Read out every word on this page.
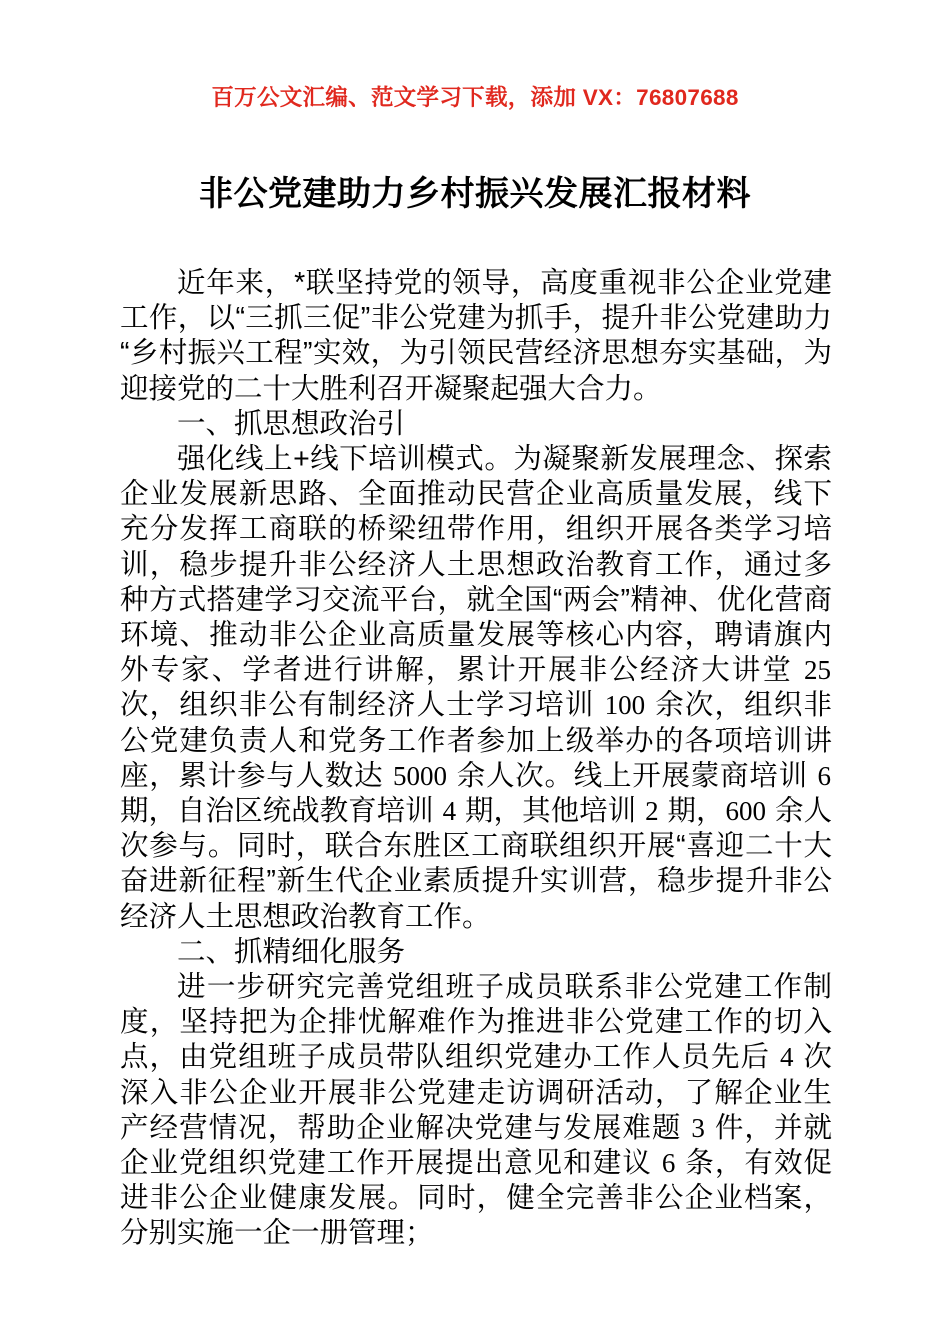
百万公文汇编、范文学习下载，添加 VX：76807688
非公党建助力乡村振兴发展汇报材料

近年来，*联坚持党的领导，高度重视非公企业党建工作，以“三抓三促”非公党建为抓手，提升非公党建助力“乡村振兴工程”实效，为引领民营经济思想夯实基础，为迎接党的二十大胜利召开凝聚起强大合力。

一、抓思想政治引

强化线上+线下培训模式。为凝聚新发展理念、探索企业发展新思路、全面推动民营企业高质量发展，线下充分发挥工商联的桥梁纽带作用，组织开展各类学习培训，稳步提升非公经济人土思想政治教育工作，通过多种方式搭建学习交流平台，就全国“两会”精神、优化营商环境、推动非公企业高质量发展等核心内容，聘请旗内外专家、学者进行讲解，累计开展非公经济大讲堂 25 次，组织非公有制经济人士学习培训 100 余次，组织非公党建负责人和党务工作者参加上级举办的各项培训讲座，累计参与人数达 5000 余人次。线上开展蒙商培训 6 期，自治区统战教育培训 4 期，其他培训 2 期，600 余人次参与。同时，联合东胜区工商联组织开展“喜迎二十大 奋进新征程”新生代企业素质提升实训营，稳步提升非公经济人土思想政治教育工作。

二、抓精细化服务

进一步研究完善党组班子成员联系非公党建工作制度，坚持把为企排忧解难作为推进非公党建工作的切入点，由党组班子成员带队组织党建办工作人员先后 4 次深入非公企业开展非公党建走访调研活动，了解企业生产经营情况，帮助企业解决党建与发展难题 3 件，并就企业党组织党建工作开展提出意见和建议 6 条，有效促进非公企业健康发展。同时，健全完善非公企业档案，分别实施一企一册管理；
